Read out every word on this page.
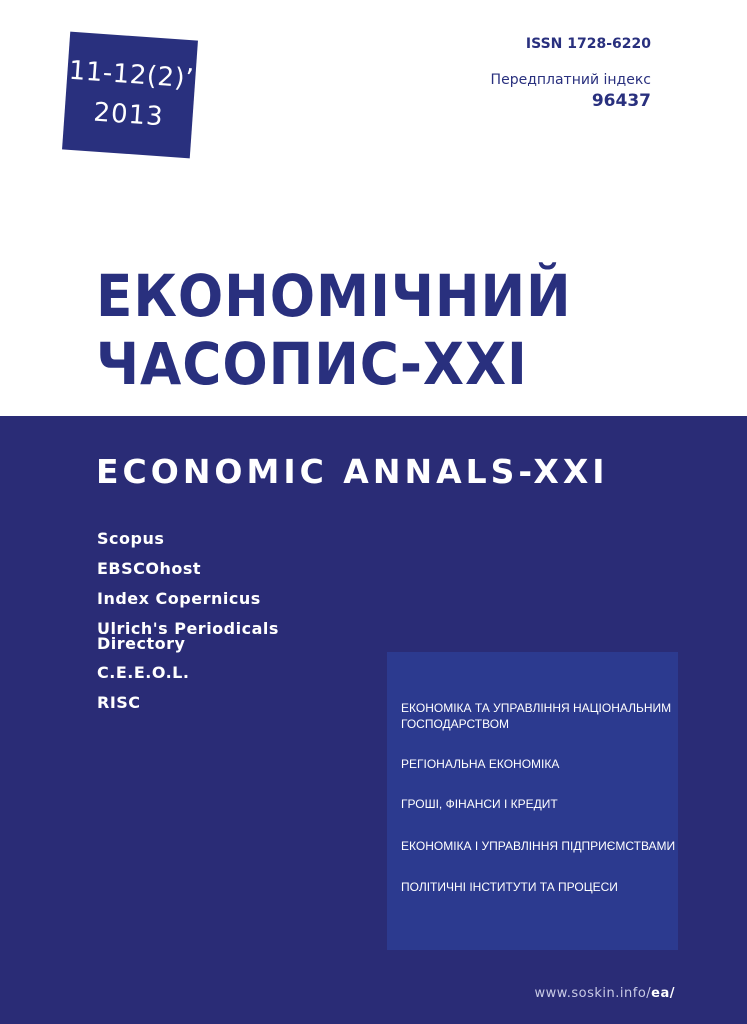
11-12(2)’
2013
ISSN 1728-6220
Передплатний індекс
96437
ЕКОНОМІЧНИЙ
ЧАСОПИС-XXI
ECONOMIC ANNALS-XXI
Scopus
EBSCOhost
Index Copernicus
Ulrich's Periodicals Directory
C.E.E.O.L.
RISC	ЕКОНОМІКА ТА УПРАВЛІННЯ НАЦІОНАЛЬНИМ ГОСПОДАРСТВОМ
РЕГІОНАЛЬНА ЕКОНОМІКА
ГРОШІ, ФІНАНСИ І КРЕДИТ
ЕКОНОМІКА І УПРАВЛІННЯ ПІДПРИЄМСТВАМИ
ПОЛІТИЧНІ ІНСТИТУТИ ТА ПРОЦЕСИ
www.soskin.info/ea/
